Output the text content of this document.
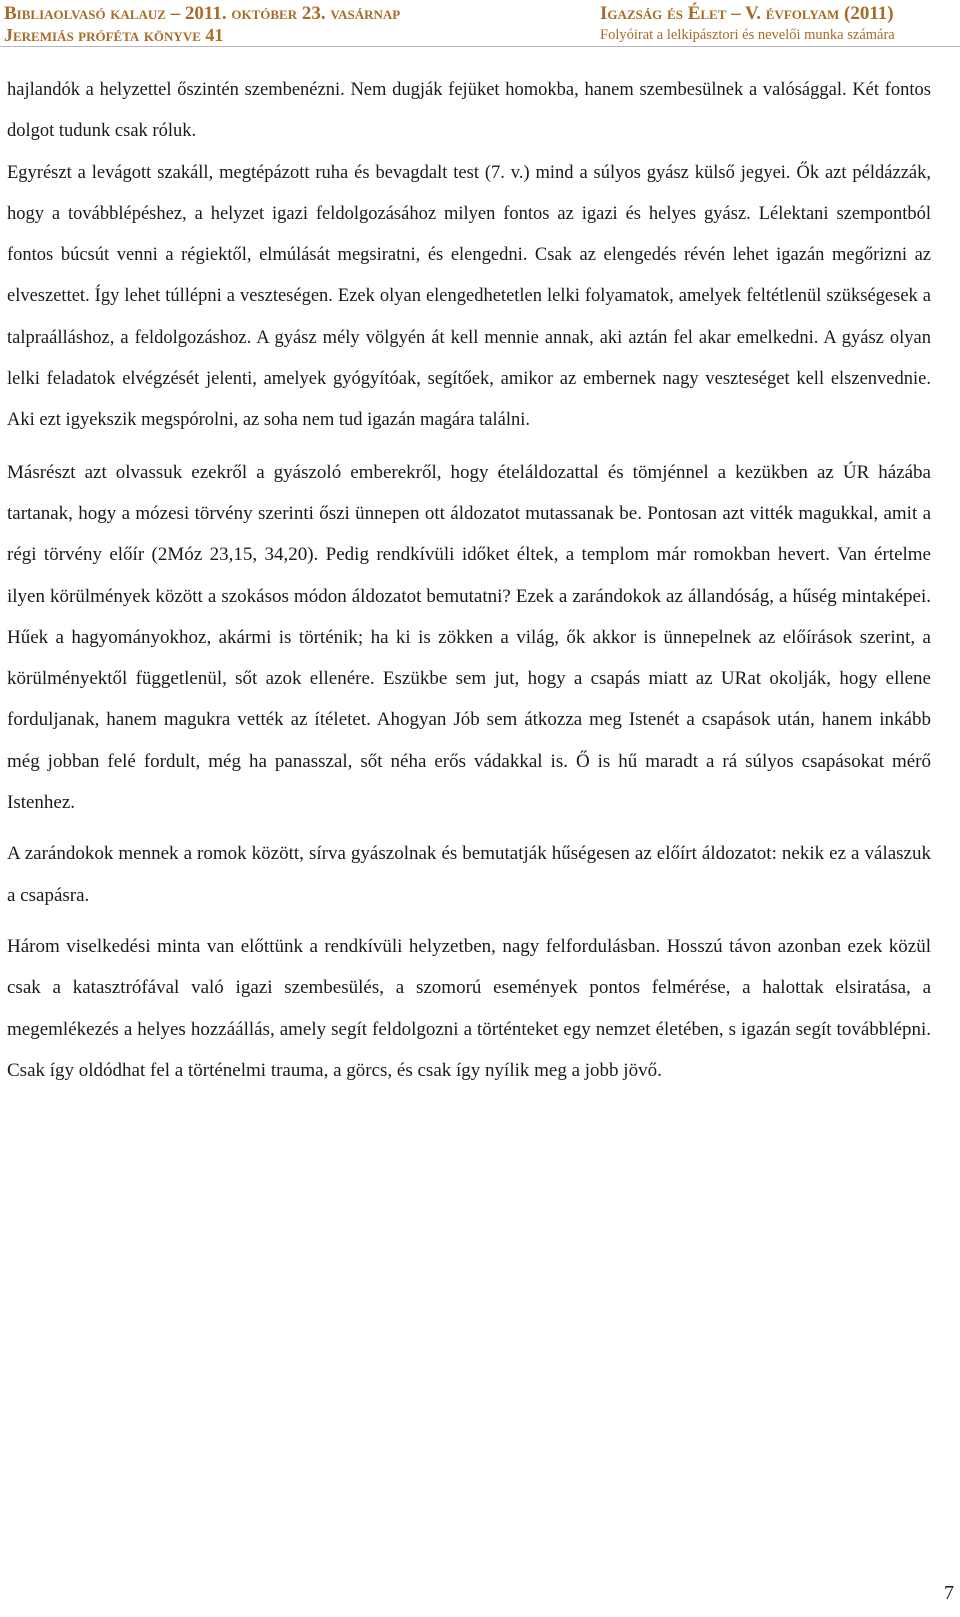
Bibliaolvasó kalauz – 2011. október 23. vasárnap
Jeremiás próféta könyve 41
Igazság és Élet – V. évfolyam (2011)
Folyóirat a lelkipásztori és nevelői munka számára

hajlandók a helyzettel őszintén szembenézni. Nem dugják fejüket homokba, hanem szembesülnek a valósággal. Két fontos dolgot tudunk csak róluk.

Egyrészt a levágott szakáll, megtépázott ruha és bevagdalt test (7. v.) mind a súlyos gyász külső jegyei. Ők azt példázzák, hogy a továbblépéshez, a helyzet igazi feldolgozásához milyen fontos az igazi és helyes gyász. Lélektani szempontból fontos búcsút venni a régiektől, elmúlását megsiratni, és elengedni. Csak az elengedés révén lehet igazán megőrizni az elveszettet. Így lehet túllépni a veszteségen. Ezek olyan elengedhetetlen lelki folyamatok, amelyek feltétlenül szükségesek a talpraálláshoz, a feldolgozáshoz. A gyász mély völgyén át kell mennie annak, aki aztán fel akar emelkedni. A gyász olyan lelki feladatok elvégzését jelenti, amelyek gyógyítóak, segítőek, amikor az embernek nagy veszteséget kell elszenvednie. Aki ezt igyekszik megspórolni, az soha nem tud igazán magára találni.

Másrészt azt olvassuk ezekről a gyászoló emberekről, hogy ételáldozattal és tömjénnel a kezükben az ÚR házába tartanak, hogy a mózesi törvény szerinti őszi ünnepen ott áldozatot mutassanak be. Pontosan azt vitték magukkal, amit a régi törvény előír (2Móz 23,15, 34,20). Pedig rendkívüli időket éltek, a templom már romokban hevert. Van értelme ilyen körülmények között a szokásos módon áldozatot bemutatni? Ezek a zarándokok az állandóság, a hűség mintaképei. Hűek a hagyományokhoz, akármi is történik; ha ki is zökken a világ, ők akkor is ünnepelnek az előírások szerint, a körülményektől függetlenül, sőt azok ellenére. Eszükbe sem jut, hogy a csapás miatt az URat okolják, hogy ellene forduljanak, hanem magukra vették az ítéletet. Ahogyan Jób sem átkozza meg Istenét a csapások után, hanem inkább még jobban felé fordult, még ha panasszal, sőt néha erős vádakkal is. Ő is hű maradt a rá súlyos csapásokat mérő Istenhez.

A zarándokok mennek a romok között, sírva gyászolnak és bemutatják hűségesen az előírt áldozatot: nekik ez a válaszuk a csapásra.

Három viselkedési minta van előttünk a rendkívüli helyzetben, nagy felfordulásban. Hosszú távon azonban ezek közül csak a katasztrófával való igazi szembesülés, a szomorú események pontos felmérése, a halottak elsiratása, a megemlékezés a helyes hozzáállás, amely segít feldolgozni a történteket egy nemzet életében, s igazán segít továbblépni. Csak így oldódhat fel a történelmi trauma, a görcs, és csak így nyílik meg a jobb jövő.

7
